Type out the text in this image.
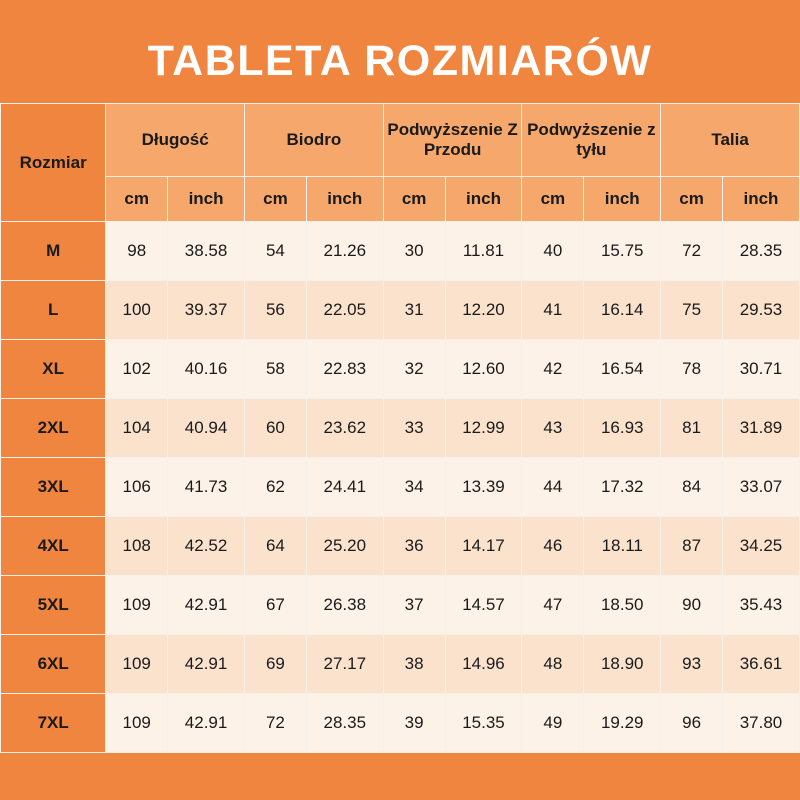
TABLETA ROZMIARÓW
Rozmiar	Długość		Biodro		Podwyższenie Z Przodu		Podwyższenie z tyłu		Talia	
	cm	inch	cm	inch	cm	inch	cm	inch	cm	inch
M	98	38.58	54	21.26	30	11.81	40	15.75	72	28.35
L	100	39.37	56	22.05	31	12.20	41	16.14	75	29.53
XL	102	40.16	58	22.83	32	12.60	42	16.54	78	30.71
2XL	104	40.94	60	23.62	33	12.99	43	16.93	81	31.89
3XL	106	41.73	62	24.41	34	13.39	44	17.32	84	33.07
4XL	108	42.52	64	25.20	36	14.17	46	18.11	87	34.25
5XL	109	42.91	67	26.38	37	14.57	47	18.50	90	35.43
6XL	109	42.91	69	27.17	38	14.96	48	18.90	93	36.61
7XL	109	42.91	72	28.35	39	15.35	49	19.29	96	37.80
